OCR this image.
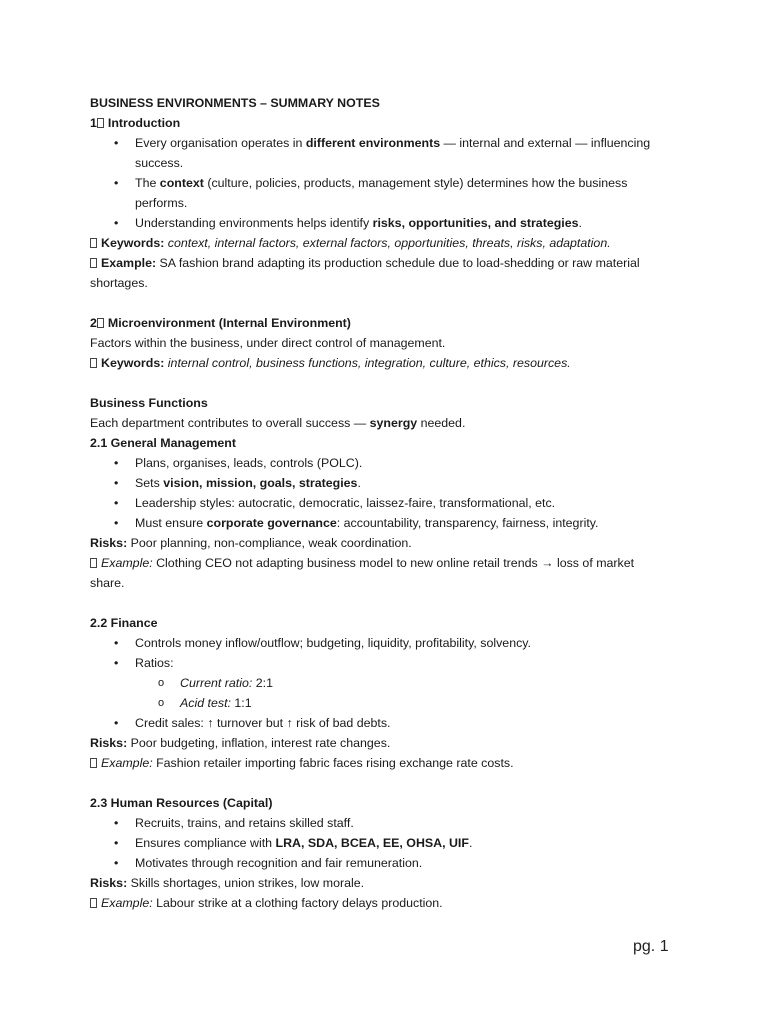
BUSINESS ENVIRONMENTS – SUMMARY NOTES
1 Introduction
• Every organisation operates in different environments — internal and external — influencing success.
• The context (culture, policies, products, management style) determines how the business performs.
• Understanding environments helps identify risks, opportunities, and strategies.
Keywords: context, internal factors, external factors, opportunities, threats, risks, adaptation.
Example: SA fashion brand adapting its production schedule due to load-shedding or raw material shortages.
2 Microenvironment (Internal Environment)
Factors within the business, under direct control of management.
Keywords: internal control, business functions, integration, culture, ethics, resources.
Business Functions
Each department contributes to overall success — synergy needed.
2.1 General Management
• Plans, organises, leads, controls (POLC).
• Sets vision, mission, goals, strategies.
• Leadership styles: autocratic, democratic, laissez-faire, transformational, etc.
• Must ensure corporate governance: accountability, transparency, fairness, integrity.
Risks: Poor planning, non-compliance, weak coordination.
Example: Clothing CEO not adapting business model to new online retail trends → loss of market share.
2.2 Finance
• Controls money inflow/outflow; budgeting, liquidity, profitability, solvency.
• Ratios:
o Current ratio: 2:1
o Acid test: 1:1
• Credit sales: ↑ turnover but ↑ risk of bad debts.
Risks: Poor budgeting, inflation, interest rate changes.
Example: Fashion retailer importing fabric faces rising exchange rate costs.
2.3 Human Resources (Capital)
• Recruits, trains, and retains skilled staff.
• Ensures compliance with LRA, SDA, BCEA, EE, OHSA, UIF.
• Motivates through recognition and fair remuneration.
Risks: Skills shortages, union strikes, low morale.
Example: Labour strike at a clothing factory delays production.
pg. 1
